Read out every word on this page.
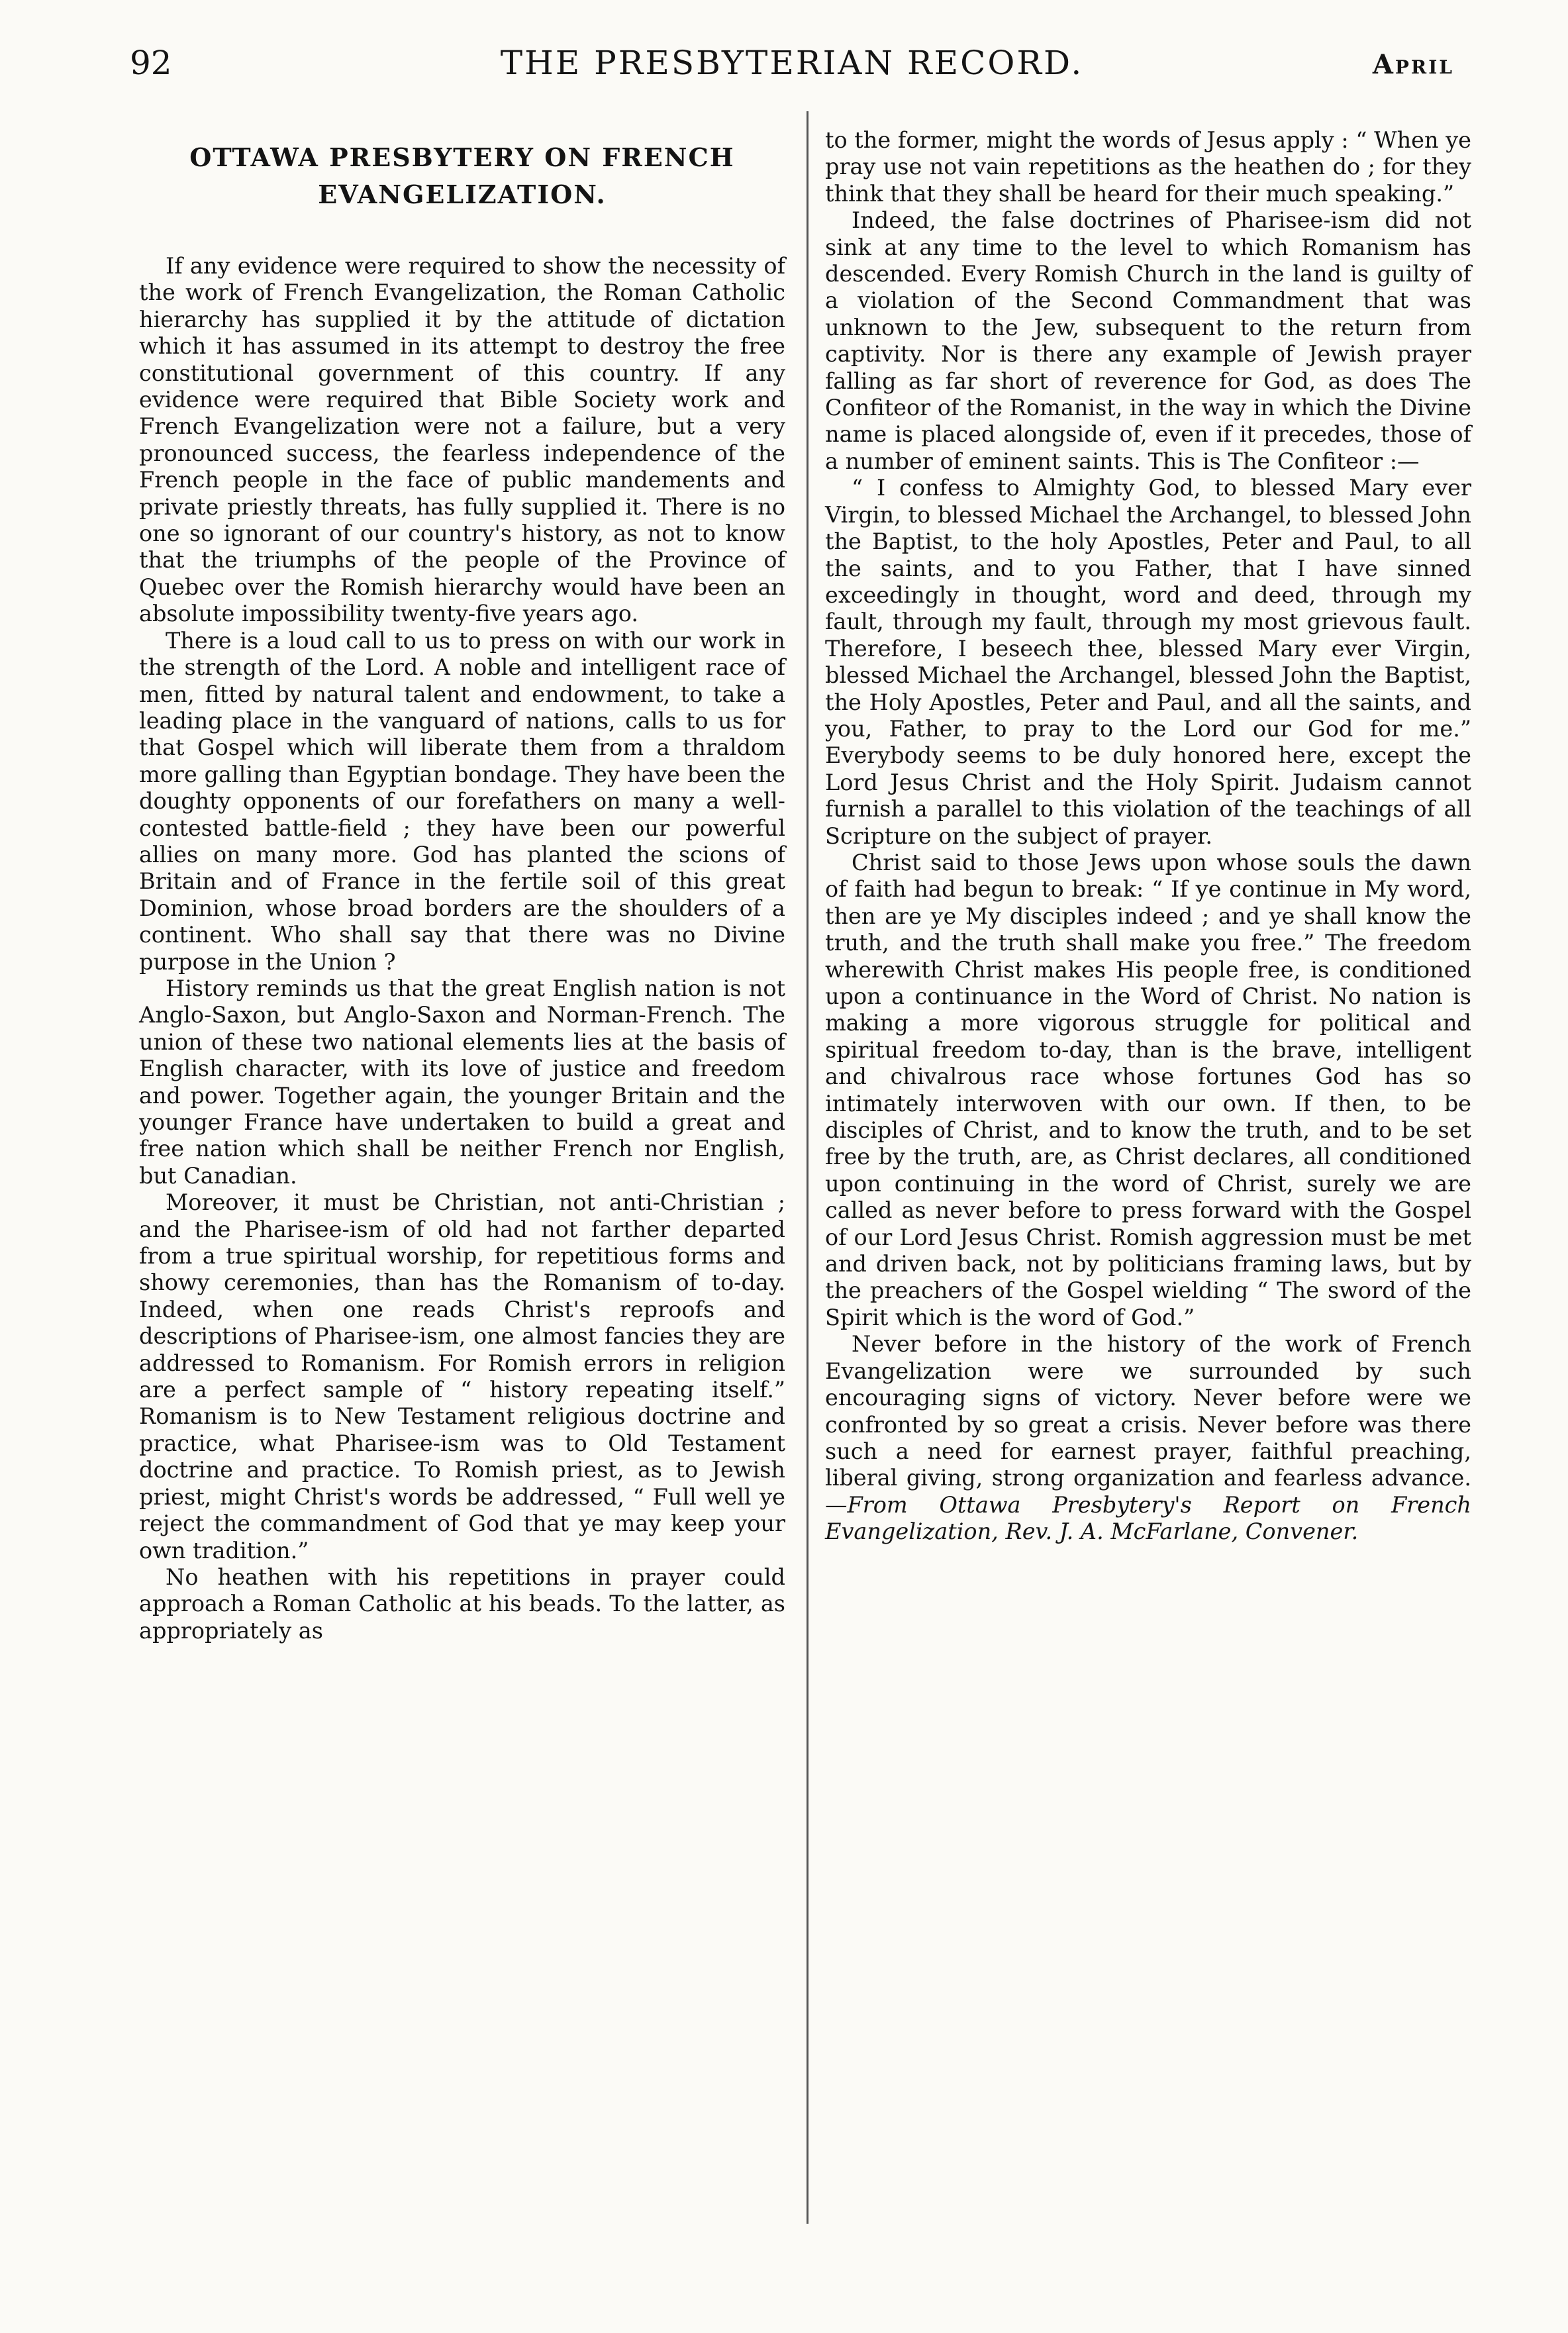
92	THE PRESBYTERIAN RECORD.	April
OTTAWA PRESBYTERY ON FRENCH
EVANGELIZATION.

If any evidence were required to show the necessity of the work of French Evangelization, the Roman Catholic hierarchy has supplied it by the attitude of dictation which it has assumed in its attempt to destroy the free constitutional government of this country. If any evidence were required that Bible Society work and French Evangelization were not a failure, but a very pronounced success, the fearless independence of the French people in the face of public mandements and private priestly threats, has fully supplied it. There is no one so ignorant of our country's history, as not to know that the triumphs of the people of the Province of Quebec over the Romish hierarchy would have been an absolute impossibility twenty-five years ago.

There is a loud call to us to press on with our work in the strength of the Lord. A noble and intelligent race of men, fitted by natural talent and endowment, to take a leading place in the vanguard of nations, calls to us for that Gospel which will liberate them from a thraldom more galling than Egyptian bondage. They have been the doughty opponents of our forefathers on many a well-contested battle-field ; they have been our powerful allies on many more. God has planted the scions of Britain and of France in the fertile soil of this great Dominion, whose broad borders are the shoulders of a continent. Who shall say that there was no Divine purpose in the Union ?

History reminds us that the great English nation is not Anglo-Saxon, but Anglo-Saxon and Norman-French. The union of these two national elements lies at the basis of English character, with its love of justice and freedom and power. Together again, the younger Britain and the younger France have undertaken to build a great and free nation which shall be neither French nor English, but Canadian.

Moreover, it must be Christian, not anti-Christian ; and the Pharisee-ism of old had not farther departed from a true spiritual worship, for repetitious forms and showy ceremonies, than has the Romanism of to-day. Indeed, when one reads Christ's reproofs and descriptions of Pharisee-ism, one almost fancies they are addressed to Romanism. For Romish errors in religion are a perfect sample of “ history repeating itself.” Romanism is to New Testament religious doctrine and practice, what Pharisee-ism was to Old Testament doctrine and practice. To Romish priest, as to Jewish priest, might Christ's words be addressed, “ Full well ye reject the commandment of God that ye may keep your own tradition.”

No heathen with his repetitions in prayer could approach a Roman Catholic at his beads. To the latter, as appropriately as

to the former, might the words of Jesus apply : “ When ye pray use not vain repetitions as the heathen do ; for they think that they shall be heard for their much speaking.”

Indeed, the false doctrines of Pharisee-ism did not sink at any time to the level to which Romanism has descended. Every Romish Church in the land is guilty of a violation of the Second Commandment that was unknown to the Jew, subsequent to the return from captivity. Nor is there any example of Jewish prayer falling as far short of reverence for God, as does The Confiteor of the Romanist, in the way in which the Divine name is placed alongside of, even if it precedes, those of a number of eminent saints. This is The Confiteor :—

“ I confess to Almighty God, to blessed Mary ever Virgin, to blessed Michael the Archangel, to blessed John the Baptist, to the holy Apostles, Peter and Paul, to all the saints, and to you Father, that I have sinned exceedingly in thought, word and deed, through my fault, through my fault, through my most grievous fault. Therefore, I beseech thee, blessed Mary ever Virgin, blessed Michael the Archangel, blessed John the Baptist, the Holy Apostles, Peter and Paul, and all the saints, and you, Father, to pray to the Lord our God for me.” Everybody seems to be duly honored here, except the Lord Jesus Christ and the Holy Spirit. Judaism cannot furnish a parallel to this violation of the teachings of all Scripture on the subject of prayer.

Christ said to those Jews upon whose souls the dawn of faith had begun to break: “ If ye continue in My word, then are ye My disciples indeed ; and ye shall know the truth, and the truth shall make you free.” The freedom wherewith Christ makes His people free, is conditioned upon a continuance in the Word of Christ. No nation is making a more vigorous struggle for political and spiritual freedom to-day, than is the brave, intelligent and chivalrous race whose fortunes God has so intimately interwoven with our own. If then, to be disciples of Christ, and to know the truth, and to be set free by the truth, are, as Christ declares, all conditioned upon continuing in the word of Christ, surely we are called as never before to press forward with the Gospel of our Lord Jesus Christ. Romish aggression must be met and driven back, not by politicians framing laws, but by the preachers of the Gospel wielding “ The sword of the Spirit which is the word of God.”

Never before in the history of the work of French Evangelization were we surrounded by such encouraging signs of victory. Never before were we confronted by so great a crisis. Never before was there such a need for earnest prayer, faithful preaching, liberal giving, strong organization and fearless advance.—From Ottawa Presbytery's Report on French Evangelization, Rev. J. A. McFarlane, Convener.
